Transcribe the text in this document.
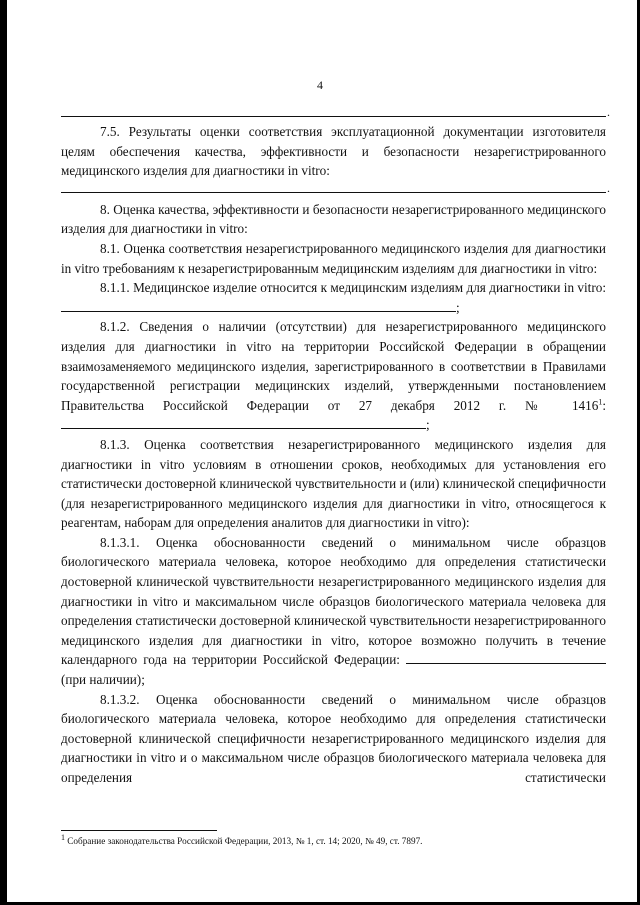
4
.

7.5. Результаты оценки соответствия эксплуатационной документации изготовителя целям обеспечения качества, эффективности и безопасности незарегистрированного медицинского изделия для диагностики in vitro:

.

8. Оценка качества, эффективности и безопасности незарегистрированного медицинского изделия для диагностики in vitro:

8.1. Оценка соответствия незарегистрированного медицинского изделия для диагностики in vitro требованиям к незарегистрированным медицинским изделиям для диагностики in vitro:

8.1.1. Медицинское изделие относится к медицинским изделиям для диагностики in vitro: ;

8.1.2. Сведения о наличии (отсутствии) для незарегистрированного медицинского изделия для диагностики in vitro на территории Российской Федерации в обращении взаимозаменяемого медицинского изделия, зарегистрированного в соответствии в Правилами государственной регистрации медицинских изделий, утвержденными постановлением Правительства Российской Федерации от 27 декабря 2012 г. № 1416$^1$:;

8.1.3. Оценка соответствия незарегистрированного медицинского изделия для диагностики in vitro условиям в отношении сроков, необходимых для установления его статистически достоверной клинической чувствительности и (или) клинической специфичности (для незарегистрированного медицинского изделия для диагностики in vitro, относящегося к реагентам, наборам для определения аналитов для диагностики in vitro):

8.1.3.1. Оценка обоснованности сведений о минимальном числе образцов биологического материала человека, которое необходимо для определения статистически достоверной клинической чувствительности незарегистрированного медицинского изделия для диагностики in vitro и максимальном числе образцов биологического материала человека для определения статистически достоверной клинической чувствительности незарегистрированного медицинского изделия для диагностики in vitro, которое возможно получить в течение календарного года на территории Российской Федерации:  (при наличии);

8.1.3.2. Оценка обоснованности сведений о минимальном числе образцов биологического материала человека, которое необходимо для определения статистически достоверной клинической специфичности незарегистрированного медицинского изделия для диагностики in vitro и о максимальном числе образцов биологического материала человека для определения статистически

$^1$ Собрание законодательства Российской Федерации, 2013, № 1, ст. 14; 2020, № 49, ст. 7897.
